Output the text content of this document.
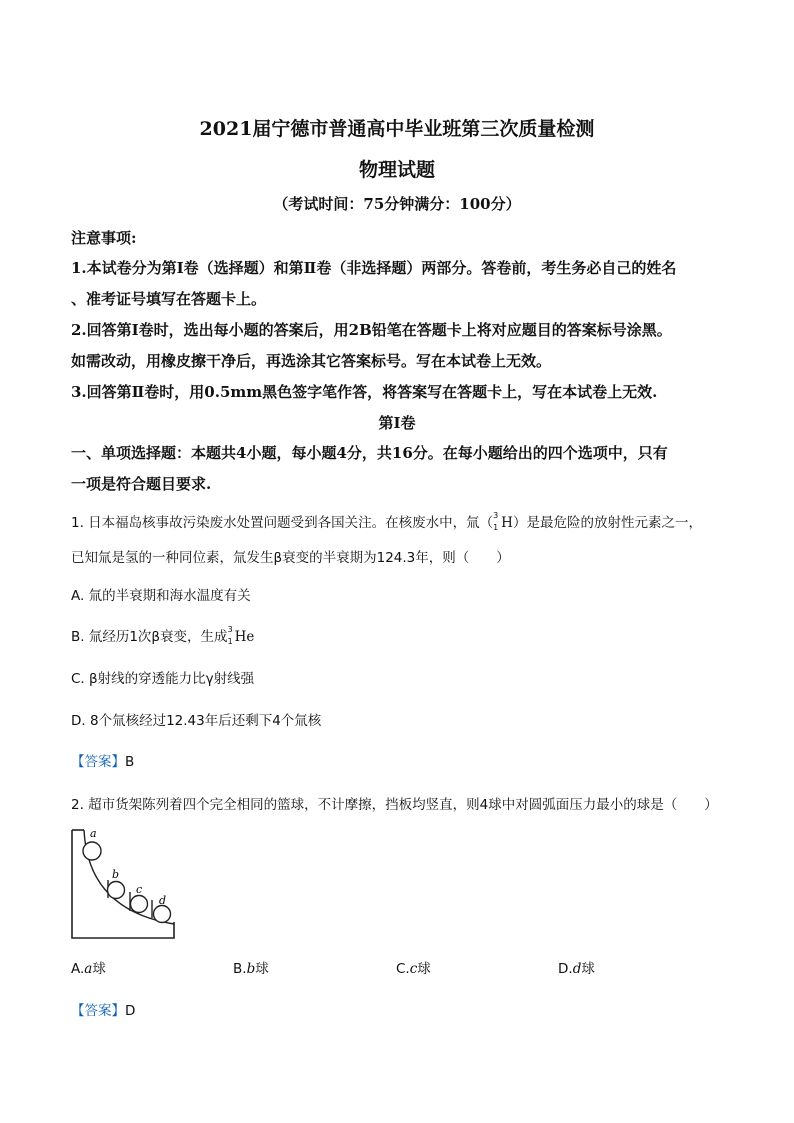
2021届宁德市普通高中毕业班第三次质量检测
物理试题
（考试时间：75分钟满分：100分）
注意事项:
1.本试卷分为第Ⅰ卷（选择题）和第Ⅱ卷（非选择题）两部分。答卷前，考生务必自己的姓名
、准考证号填写在答题卡上。
2.回答第Ⅰ卷时，选出每小题的答案后，用2B铅笔在答题卡上将对应题目的答案标号涂黑。
如需改动，用橡皮擦干净后，再选涂其它答案标号。写在本试卷上无效。
3.回答第Ⅱ卷时，用0.5mm黑色签字笔作答，将答案写在答题卡上，写在本试卷上无效.
第Ⅰ卷
一、单项选择题：本题共4小题，每小题4分，共16分。在每小题给出的四个选项中，只有
一项是符合题目要求.
1. 日本福岛核事故污染废水处置问题受到各国关注。在核废水中，氚（ 3
1 H）是最危险的放射性元素之一，
已知氚是氢的一种同位素，氚发生β衰变的半衰期为124.3年，则（　　）
A. 氚的半衰期和海水温度有关
B. 氚经历1次β衰变，生成 3
1 He
C. β射线的穿透能力比γ射线强
D. 8个氚核经过12.43年后还剩下4个氚核
【答案】B
2. 超市货架陈列着四个完全相同的篮球，不计摩擦，挡板均竖直，则4球中对圆弧面压力最小的球是（　　）
a
b
c
d
A.a球	B.b球	C.c球	D.d球
【答案】D
